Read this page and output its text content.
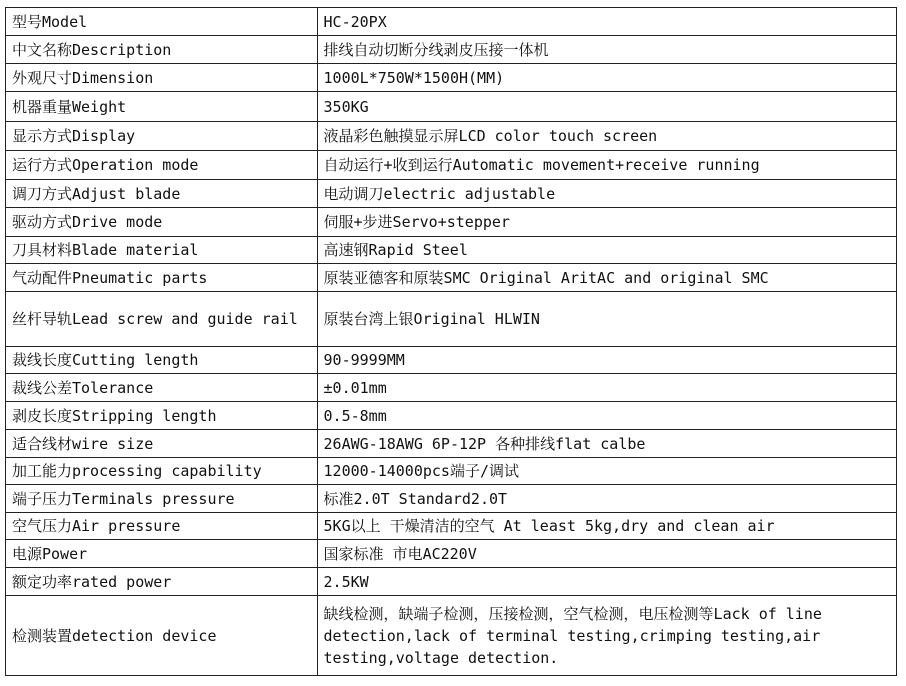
型号Model	HC-20PX
中文名称Description	排线自动切断分线剥皮压接一体机
外观尺寸Dimension	1000L*750W*1500H(MM)
机器重量Weight	350KG
显示方式Display	液晶彩色触摸显示屏LCD color touch screen
运行方式Operation mode	自动运行+收到运行Automatic movement+receive running
调刀方式Adjust blade	电动调刀electric adjustable
驱动方式Drive mode	伺服+步进Servo+stepper
刀具材料Blade material	高速钢Rapid Steel
气动配件Pneumatic parts	原装亚德客和原装SMC Original AritAC and original SMC
丝杆导轨Lead screw and guide rail	原装台湾上银Original HLWIN
裁线长度Cutting length	90-9999MM
裁线公差Tolerance	±0.01mm
剥皮长度Stripping length	0.5-8mm
适合线材wire size	26AWG-18AWG 6P-12P 各种排线flat calbe
加工能力processing capability	12000-14000pcs端子/调试
端子压力Terminals pressure	标准2.0T Standard2.0T
空气压力Air pressure	5KG以上 干燥清洁的空气 At least 5kg,dry and clean air
电源Power	国家标准 市电AC220V
额定功率rated power	2.5KW
检测装置detection device	缺线检测，缺端子检测，压接检测，空气检测，电压检测等Lack of line detection,lack of terminal testing,crimping testing,air testing,voltage detection.
